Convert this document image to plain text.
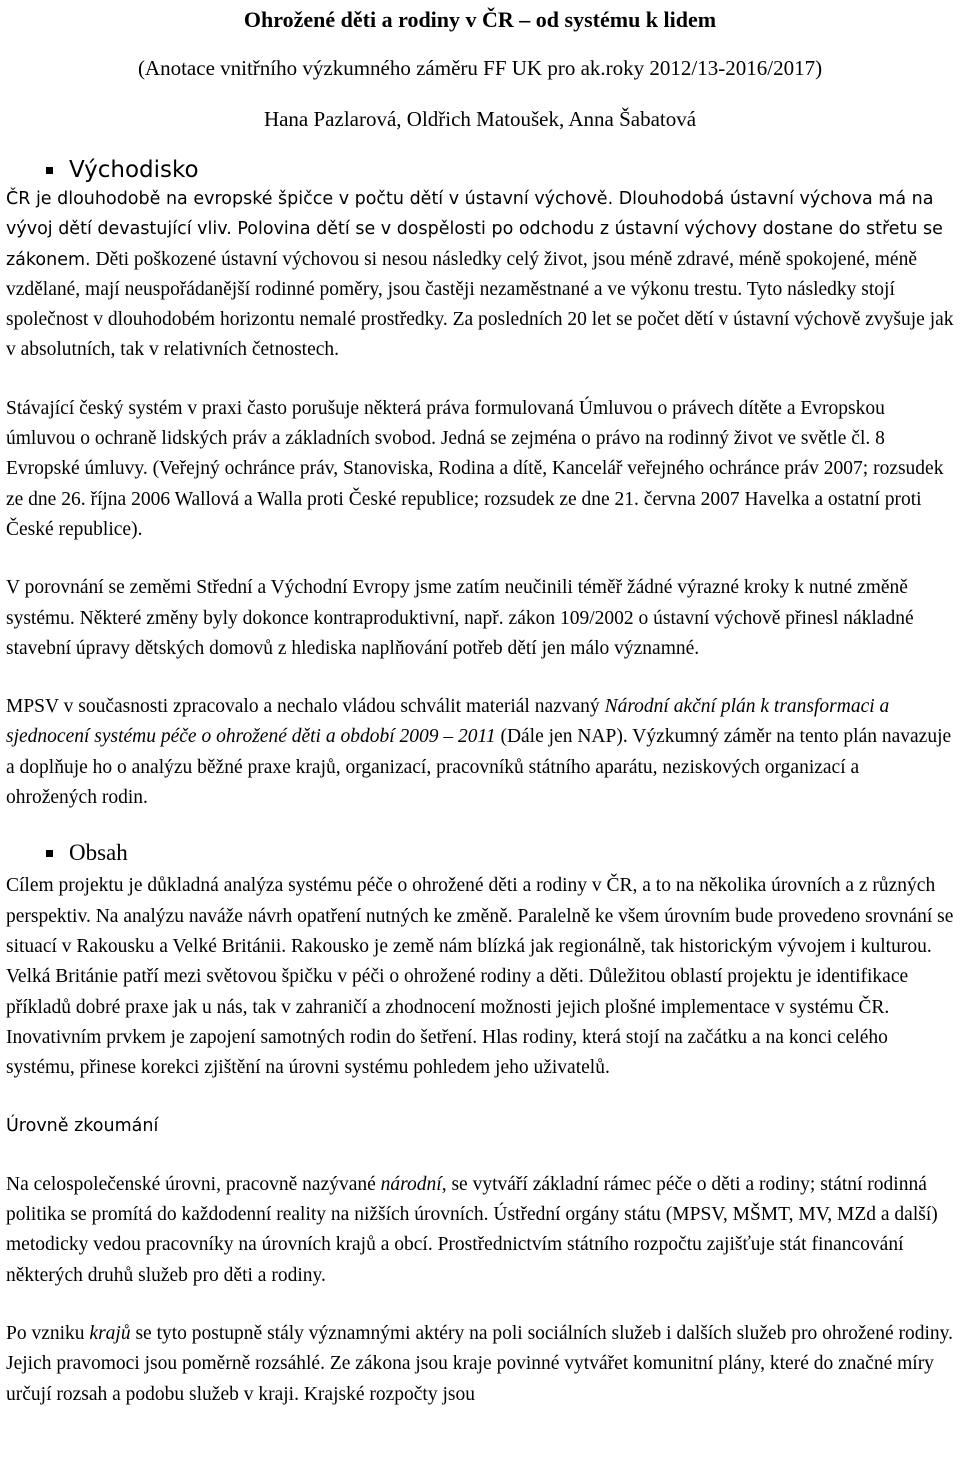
Ohrožené děti a rodiny v ČR – od systému k lidem
(Anotace vnitřního výzkumného záměru FF UK pro ak.roky 2012/13-2016/2017)
Hana Pazlarová, Oldřich Matoušek, Anna Šabatová
Východisko

ČR je dlouhodobě na evropské špičce v počtu dětí v ústavní výchově. Dlouhodobá ústavní výchova má na vývoj dětí devastující vliv. Polovina dětí se v dospělosti po odchodu z ústavní výchovy dostane do střetu se zákonem. Děti poškozené ústavní výchovou si nesou následky celý život, jsou méně zdravé, méně spokojené, méně vzdělané, mají neuspořádanější rodinné poměry, jsou častěji nezaměstnané a ve výkonu trestu. Tyto následky stojí společnost v dlouhodobém horizontu nemalé prostředky. Za posledních 20 let se počet dětí v ústavní výchově zvyšuje jak v absolutních, tak v relativních četnostech.

Stávající český systém v praxi často porušuje některá práva formulovaná Úmluvou o právech dítěte a Evropskou úmluvou o ochraně lidských práv a základních svobod. Jedná se zejména o právo na rodinný život ve světle čl. 8 Evropské úmluvy. (Veřejný ochránce práv, Stanoviska, Rodina a dítě, Kancelář veřejného ochránce práv 2007; rozsudek ze dne 26. října 2006 Wallová a Walla proti České republice; rozsudek ze dne 21. června 2007 Havelka a ostatní proti České republice).

V porovnání se zeměmi Střední a Východní Evropy jsme zatím neučinili téměř žádné výrazné kroky k nutné změně systému. Některé změny byly dokonce kontraproduktivní, např. zákon 109/2002 o ústavní výchově přinesl nákladné stavební úpravy dětských domovů z hlediska naplňování potřeb dětí jen málo významné.

MPSV v současnosti zpracovalo a nechalo vládou schválit materiál nazvaný Národní akční plán k transformaci a sjednocení systému péče o ohrožené děti a období 2009 – 2011 (Dále jen NAP). Výzkumný záměr na tento plán navazuje a doplňuje ho o analýzu běžné praxe krajů, organizací, pracovníků státního aparátu, neziskových organizací a ohrožených rodin.

Obsah

Cílem projektu je důkladná analýza systému péče o ohrožené děti a rodiny v ČR, a to na několika úrovních a z různých perspektiv. Na analýzu naváže návrh opatření nutných ke změně. Paralelně ke všem úrovním bude provedeno srovnání se situací v Rakousku a Velké Británii. Rakousko je země nám blízká jak regionálně, tak historickým vývojem i kulturou. Velká Británie patří mezi světovou špičku v péči o ohrožené rodiny a děti. Důležitou oblastí projektu je identifikace příkladů dobré praxe jak u nás, tak v zahraničí a zhodnocení možnosti jejich plošné implementace v systému ČR. Inovativním prvkem je zapojení samotných rodin do šetření. Hlas rodiny, která stojí na začátku a na konci celého systému, přinese korekci zjištění na úrovni systému pohledem jeho uživatelů.

Úrovně zkoumání

Na celospolečenské úrovni, pracovně nazývané národní, se vytváří základní rámec péče o děti a rodiny; státní rodinná politika se promítá do každodenní reality na nižších úrovních. Ústřední orgány státu (MPSV, MŠMT, MV, MZd a další) metodicky vedou pracovníky na úrovních krajů a obcí. Prostřednictvím státního rozpočtu zajišťuje stát financování některých druhů služeb pro děti a rodiny.

Po vzniku krajů se tyto postupně stály významnými aktéry na poli sociálních služeb i dalších služeb pro ohrožené rodiny. Jejich pravomoci jsou poměrně rozsáhlé. Ze zákona jsou kraje povinné vytvářet komunitní plány, které do značné míry určují rozsah a podobu služeb v kraji. Krajské rozpočty jsou
